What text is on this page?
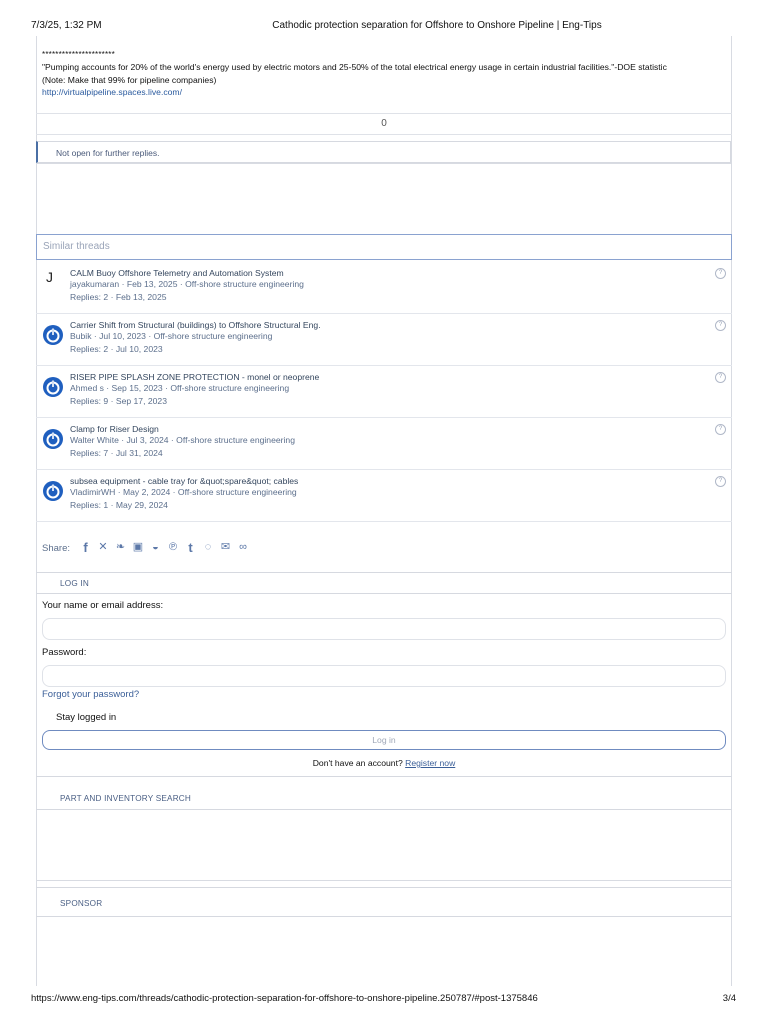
7/3/25, 1:32 PM	Cathodic protection separation for Offshore to Onshore Pipeline | Eng-Tips
**********************
"Pumping accounts for 20% of the world's energy used by electric motors and 25-50% of the total electrical energy usage in certain industrial facilities."-DOE statistic
(Note: Make that 99% for pipeline companies)
http://virtualpipeline.spaces.live.com/
0
Not open for further replies.
Similar threads
J CALM Buoy Offshore Telemetry and Automation System
jayakumaran · Feb 13, 2025 · Off-shore structure engineering
Replies: 2 · Feb 13, 2025
?
Carrier Shift from Structural (buildings) to Offshore Structural Eng.
Bubik · Jul 10, 2023 · Off-shore structure engineering
Replies: 2 · Jul 10, 2023
?
RISER PIPE SPLASH ZONE PROTECTION - monel or neoprene
Ahmed s · Sep 15, 2023 · Off-shore structure engineering
Replies: 9 · Sep 17, 2023
?
Clamp for Riser Design
Walter White · Jul 3, 2024 · Off-shore structure engineering
Replies: 7 · Jul 31, 2024
?
subsea equipment - cable tray for &quot;spare&quot; cables
VladimirWH · May 2, 2024 · Off-shore structure engineering
Replies: 1 · May 29, 2024
?
Share:	f ✕ ❧ ▣ ◒ ℗ t	◌ ✉ ∞
LOG IN
Your name or email address:
Password:
Forgot your password?
Stay logged in
Log in
Don't have an account? Register now
PART AND INVENTORY SEARCH
SPONSOR
https://www.eng-tips.com/threads/cathodic-protection-separation-for-offshore-to-onshore-pipeline.250787/#post-1375846	3/4
